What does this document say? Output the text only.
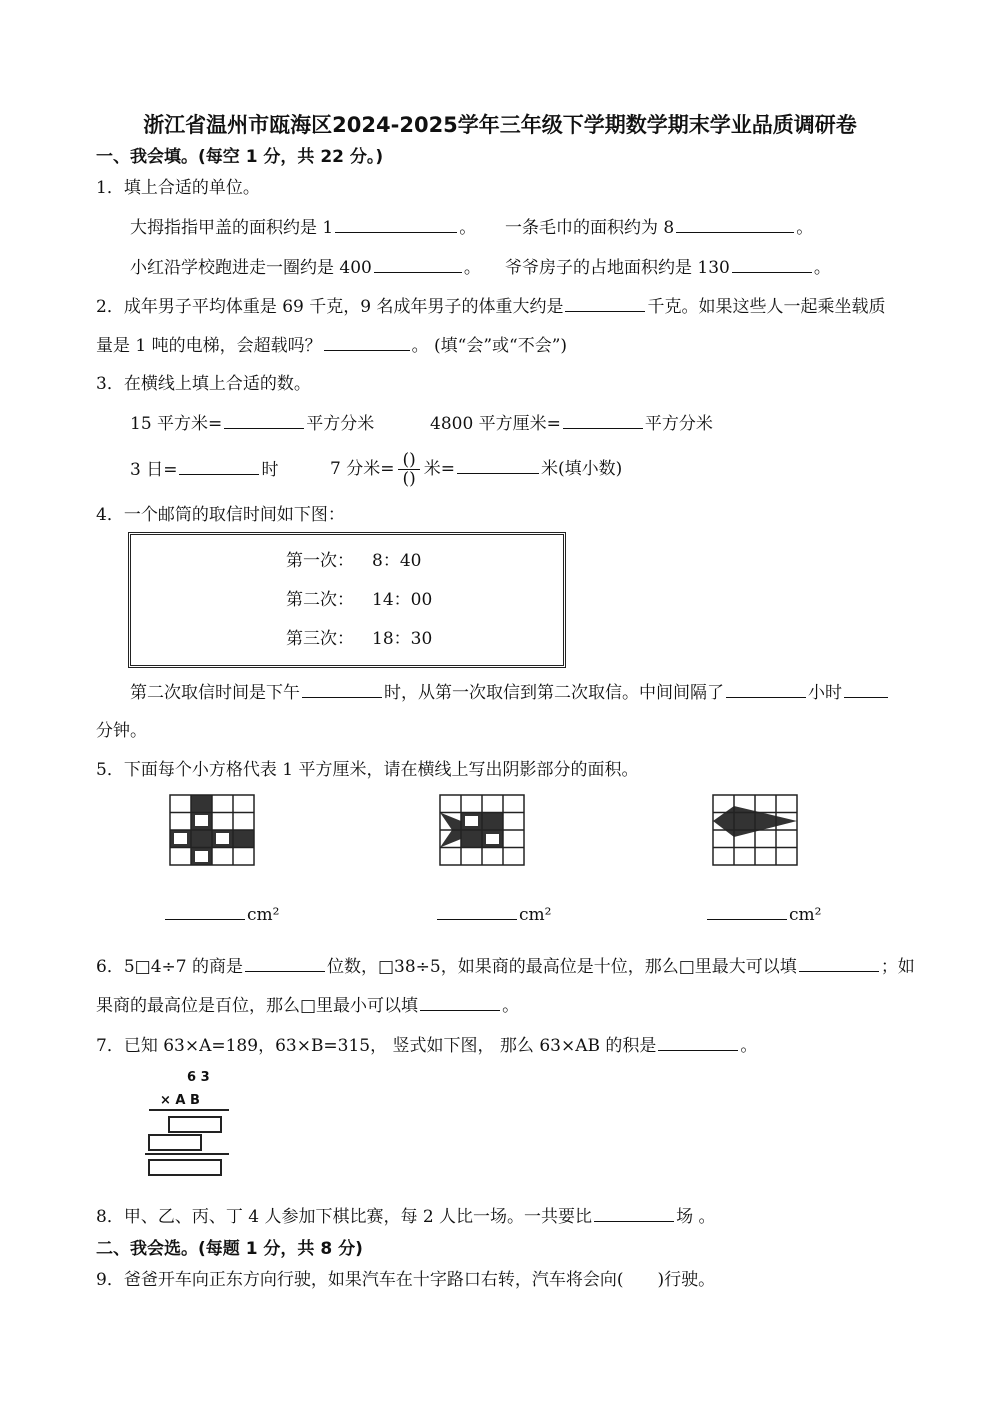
浙江省温州市瓯海区2024-2025学年三年级下学期数学期末学业品质调研卷
一、我会填。(每空 1 分，共 22 分。)
1．填上合适的单位。
大拇指指甲盖的面积约是 1	。 一条毛巾的面积约为 8	。
小红沿学校跑进走一圈约是 400	。 爷爷房子的占地面积约是 130	。
2．成年男子平均体重是 69 千克，9 名成年男子的体重大约是	千克。如果这些人一起乘坐载质
量是 1 吨的电梯，会超载吗？	。 (填“会”或“不会”)
3．在横线上填上合适的数。
15 平方米=	平方分米	4800 平方厘米=	平方分米
3 日=	时	7 分米= $\frac{()}{()}$ 米=	米(填小数)
4．一个邮筒的取信时间如下图：
第一次： 8：40
第二次： 14：00
第三次： 18：30
第二次取信时间是下午	时，从第一次取信到第二次取信。中间间隔了	小时
分钟。
5．下面每个小方格代表 1 平方厘米，请在横线上写出阴影部分的面积。
cm²	cm²	cm²
6．5□4÷7 的商是	位数，□38÷5，如果商的最高位是十位，那么□里最大可以填	；如
果商的最高位是百位，那么□里最小可以填	。
7．已知 63×A=189，63×B=315， 竖式如下图， 那么 63×AB 的积是	。
6 3
× A B
8．甲、乙、丙、丁 4 人参加下棋比赛，每 2 人比一场。一共要比	场 。
二、我会选。(每题 1 分，共 8 分)
9．爸爸开车向正东方向行驶，如果汽车在十字路口右转，汽车将会向(　　)行驶。
